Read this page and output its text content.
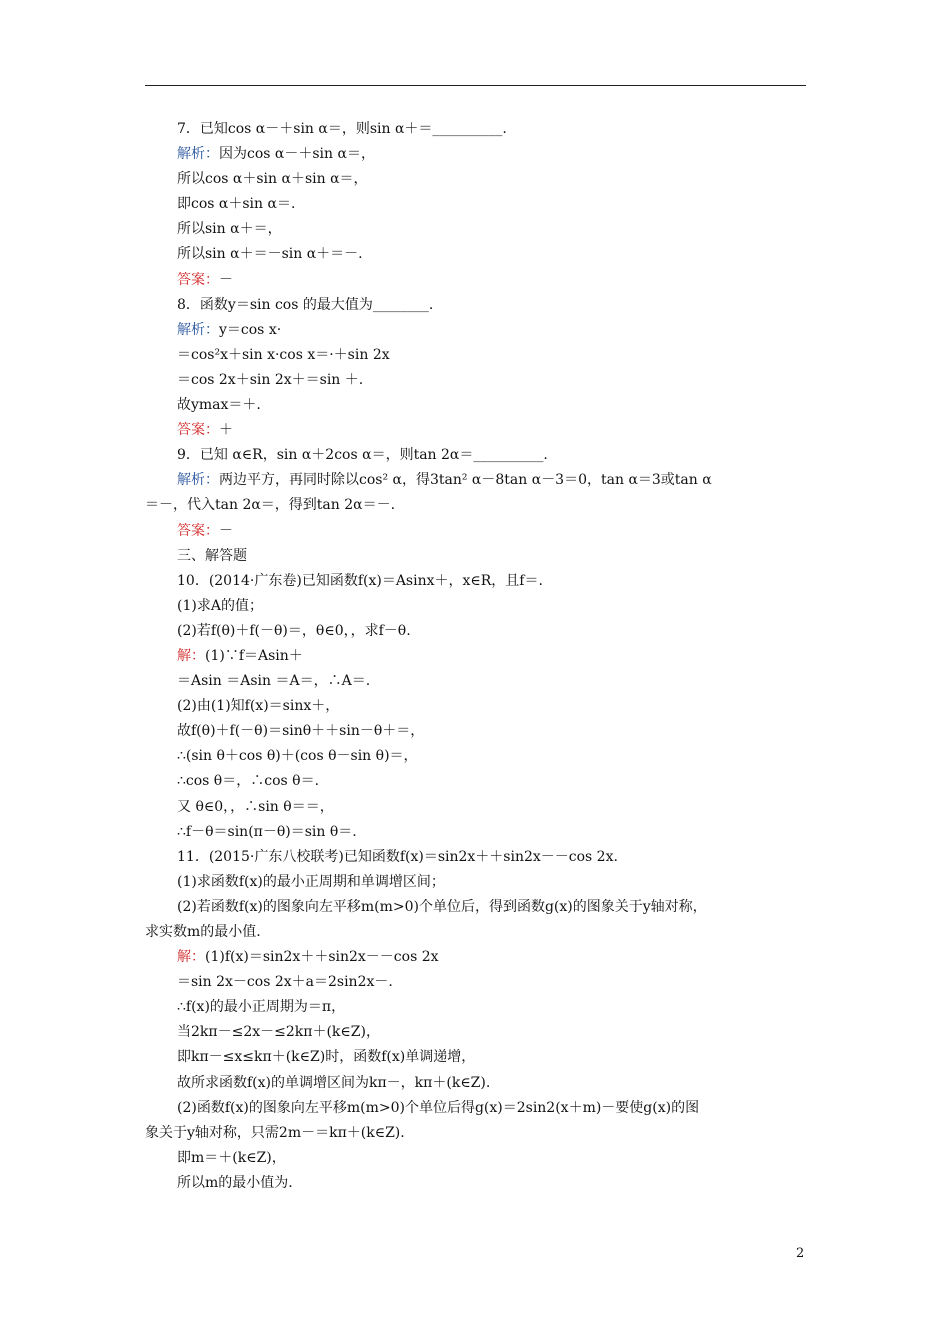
7．已知cos α－＋sin α＝，则sin α＋＝__________.
解析：因为cos α－＋sin α＝，
所以cos α＋sin α＋sin α＝，
即cos α＋sin α＝.
所以sin α＋＝，
所以sin α＋＝－sin α＋＝－.
答案：－
8．函数y＝sin cos 的最大值为________.
解析：y＝cos x·
＝cos²x＋sin x·cos x＝·＋sin 2x
＝cos 2x＋sin 2x＋＝sin ＋.
故ymax＝＋.
答案：＋
9．已知 α∈R，sin α＋2cos α＝，则tan 2α＝__________.
解析：两边平方，再同时除以cos² α，得3tan² α－8tan α－3＝0，tan α＝3或tan α
＝－，代入tan 2α＝，得到tan 2α＝－.
答案：－
三、解答题
10．(2014·广东卷)已知函数f(x)＝Asinx＋，x∈R，且f＝.
(1)求A的值；
(2)若f(θ)＋f(－θ)＝，θ∈0，，求f－θ.
解：(1)∵f＝Asin＋
＝Asin ＝Asin ＝A＝，∴A＝.
(2)由(1)知f(x)＝sinx＋，
故f(θ)＋f(－θ)＝sinθ＋＋sin－θ＋＝，
∴(sin θ＋cos θ)＋(cos θ－sin θ)＝，
∴cos θ＝，∴cos θ＝.
又 θ∈0，，∴sin θ＝＝，
∴f－θ＝sin(π－θ)＝sin θ＝.
11．(2015·广东八校联考)已知函数f(x)＝sin2x＋＋sin2x－－cos 2x.
(1)求函数f(x)的最小正周期和单调增区间；
(2)若函数f(x)的图象向左平移m(m>0)个单位后，得到函数g(x)的图象关于y轴对称，
求实数m的最小值.
解：(1)f(x)＝sin2x＋＋sin2x－－cos 2x
＝sin 2x－cos 2x＋a＝2sin2x－.
∴f(x)的最小正周期为＝π，
当2kπ－≤2x－≤2kπ＋(k∈Z)，
即kπ－≤x≤kπ＋(k∈Z)时，函数f(x)单调递增，
故所求函数f(x)的单调增区间为kπ－，kπ＋(k∈Z).
(2)函数f(x)的图象向左平移m(m>0)个单位后得g(x)＝2sin2(x＋m)－要使g(x)的图
象关于y轴对称，只需2m－＝kπ＋(k∈Z).
即m＝＋(k∈Z)，
所以m的最小值为.
2
